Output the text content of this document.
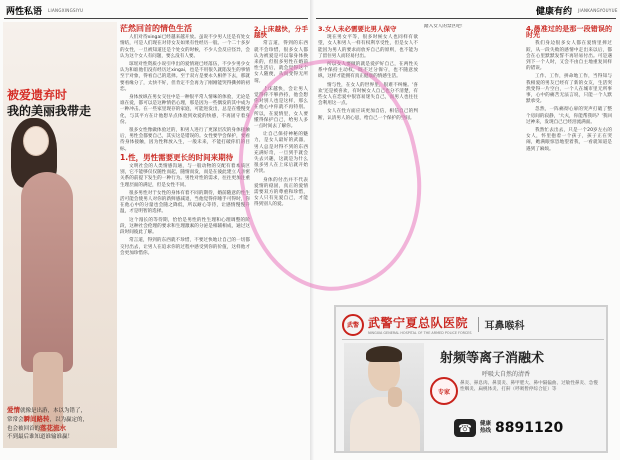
两性私语 LIANGXINGSIYU	健康有约 JIANKANGYOUYUE
被爱遗弃时
我的美丽我带走
爱情就像是出游，本以为错了，
常常会瞬间路转，以为赢定的，
也会被回首的落花流水
不到最后谁知道谁输谁赢！
茫然回首的情色生活

人们对待xingai已经越来越开放。虽说不少男人还是有处女情结，可是人们现在对待女友如果有性经历一般。一个二十多岁的女性，一旦被知道还是个处女的时候，不少人会反应怪异，会认为这个女人有问题，要么没有人要。

琼瑶对性资质小说引申出的爱情观已经落伍，不少少男少女认为和谁他们没有经历过xingai，也是不用很久就陷发生的事情至于对象，得看自己的选择。至于双方是要永久相伴下去，那就要看缘分了，太快不好，但肯定不会再为了刚刚能哭得撕掉的初恋。

身体放纵在男女交往中是一种很平常人情味的体验，无论是谁在爱，都可以是这种情侣心理，那是因为一些偶发的其中成为一种冲击。在一些家里现存的家庭，可能进发出，总是在慢慢变化，与其平方在计他想早点体验到欢爱的快感，不再固守着身份。

很多女性像做体验过的，和男人进行了更深层次的身体接触后，男性会都要自己，其实这是错误的。女性要学会保护，要看待身体接触，因为性释放入生，一般未来，不能打破你们的目标。

1.性，男性需要更长的时间来期待

文明社会的人类情感沟通，与一般动物的交配有着本质区别，它不能够仅仅随性而起，随情而发，而是在彼此建立人亲密关系的前提下发生的一种行为。男性对性的需求，往往更加注重生理层面的满足，但是女性不同。

很多男性对于女性的身体有着不同的期待，婚前随意的性生活可能会使男人对你的新鲜感减退，当他觉得你唾手可得时，你在他心中的分量也会随之降低，所以耐心等待，让感情慢慢升温，才是明智的选择。

这个漫长的等待期，恰恰是男性的性生理和心理调整的阶段，这种社会伦理的要求和生理激素的分泌是相辅相成，通过这段时间彼此了解。

常言道，得到的东西就不珍惜，不要过快地让自己的一切都交付出去，让男人在追求你的过程中感受到你的价值，这样他才会更加珍惜你。

2.上床越快，分手越快

常言道，得到的东西就不会珍惜，很多女人都认为被爱是可以靠身体换来的，但很多男性在婚前性生活后，就会觉得这个女人随便，从而变得无所谓。

上床越快，会让男人觉得你不够矜持，他会想你对别人也是这样，那么在他心中你就不再特别。所以，在爱情里，女人要懂得保护自己，给男人多一点时间去了解你。

让自己保持神秘的魅力，是女人最好的武器，男人总是对得不到的东西充满好奇，一旦到手就会失去兴趣，这就是为什么很多男人在上床后就开始冷淡。

身体的付出并不代表爱情的稳固，真正的爱情需要双方的尊重和珍惜，女人只有先爱自己，才能得到别人的爱。

3.女人未必需要比男人保守

现在男女平等，很多时候女人也同样有欲望，女人和男人一样有权利享受性，但是女人不能因为男人的要求而放弃自己的原则，也不能为了留住男人而轻易付出。

所以女人要做的就是爱护好自己，在两性关系中保持主动权，既不过分保守，也不随意放纵，这样才能拥有真正健康的情感生活。

情与性，在女人的世界里，很难不纠缠。'喜欢'还是被喜欢，有时候女人自己也分不清楚，有些女人在恋爱中很容易迷失自己，而男人也往往会利用这一点。

女人在性方面应该更加自信，相信自己的判断，认清男人的心思，给自己一个保护的空间。

踏入女人的禁区吧！	4.愚准过的是那一段错误的时光

我们身边很多女人都在爱情里摔过跤，从一段失败的感情中走出来以后，都会在心里默默发誓不再轻易付出。可是遇到下一个人时，又会不由自主地重复同样的错误。

工作、工作，拼命地工作，当得知与我相爱的男友已经有了新的女友，生活突然变得一片空白，一个人在城市里无所事事，心中的痛苦无法言说，只能一个人默默承受。

忽然，一阵痛彻心扉的哭声打破了整个房间的寂静，'大夫，你能帮我吗？'我回过神来，发现自己已经泪流满面。

我然忙去出去，只是一个20岁左右的女人，怀里抱着一个孩子，孩子正在哭闹，她满眼惊恐地望着我，一看就知道是遇到了麻烦。

武警 武警宁夏总队医院
NINGXIA GENERAL HOSPITAL OF THE ARMED POLICE FORCES
耳鼻喉科
专家
射频等离子消融术
呼吸大自然的清香
鼻炎、鼻息肉、鼻窦炎、鼻甲肥大、鼻中隔偏曲、过敏性鼻炎、急慢性咽炎、扁桃体炎、打鼾（呼吸暂停综合征）等
☎	健康
热线 8891120
